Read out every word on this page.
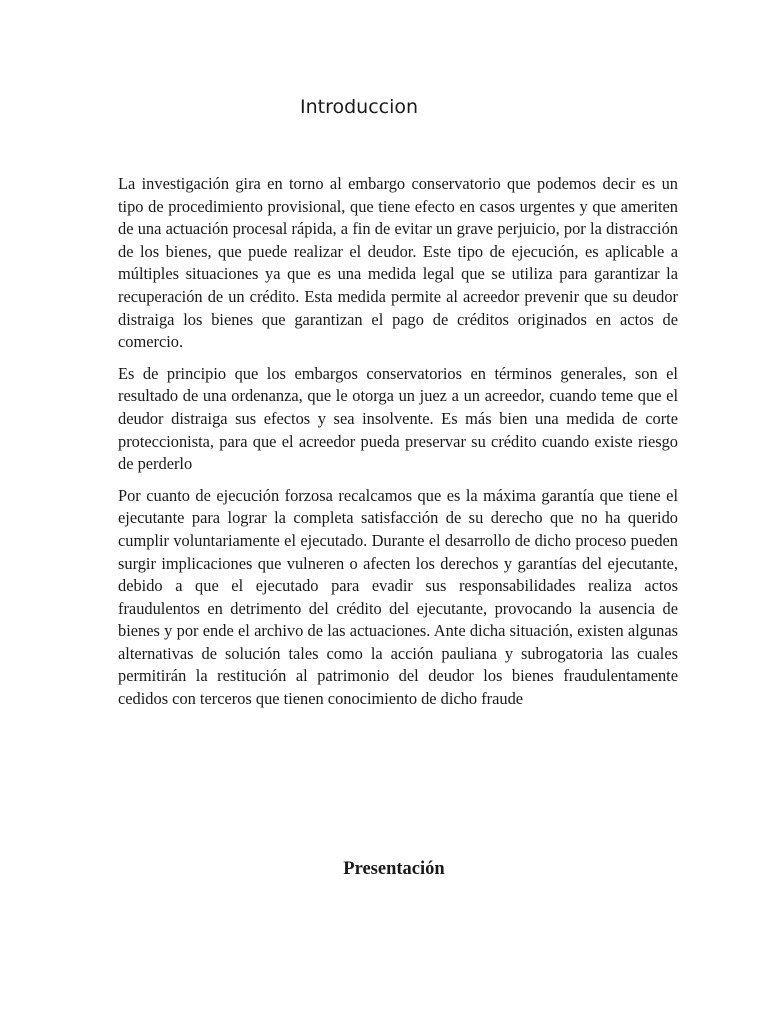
Introduccion

La investigación gira en torno al embargo conservatorio que podemos decir es un tipo de procedimiento provisional, que tiene efecto en casos urgentes y que ameriten de una actuación procesal rápida, a fin de evitar un grave perjuicio, por la distracción de los bienes, que puede realizar el deudor. Este tipo de ejecución, es aplicable a múltiples situaciones ya que es una medida legal que se utiliza para garantizar la recuperación de un crédito. Esta medida permite al acreedor prevenir que su deudor distraiga los bienes que garantizan el pago de créditos originados en actos de comercio.

Es de principio que los embargos conservatorios en términos generales, son el resultado de una ordenanza, que le otorga un juez a un acreedor, cuando teme que el deudor distraiga sus efectos y sea insolvente. Es más bien una medida de corte proteccionista, para que el acreedor pueda preservar su crédito cuando existe riesgo de perderlo

Por cuanto de ejecución forzosa recalcamos que es la máxima garantía que tiene el ejecutante para lograr la completa satisfacción de su derecho que no ha querido cumplir voluntariamente el ejecutado. Durante el desarrollo de dicho proceso pueden surgir implicaciones que vulneren o afecten los derechos y garantías del ejecutante, debido a que el ejecutado para evadir sus responsabilidades realiza actos fraudulentos en detrimento del crédito del ejecutante, provocando la ausencia de bienes y por ende el archivo de las actuaciones. Ante dicha situación, existen algunas alternativas de solución tales como la acción pauliana y subrogatoria las cuales permitirán la restitución al patrimonio del deudor los bienes fraudulentamente cedidos con terceros que tienen conocimiento de dicho fraude

Presentación
